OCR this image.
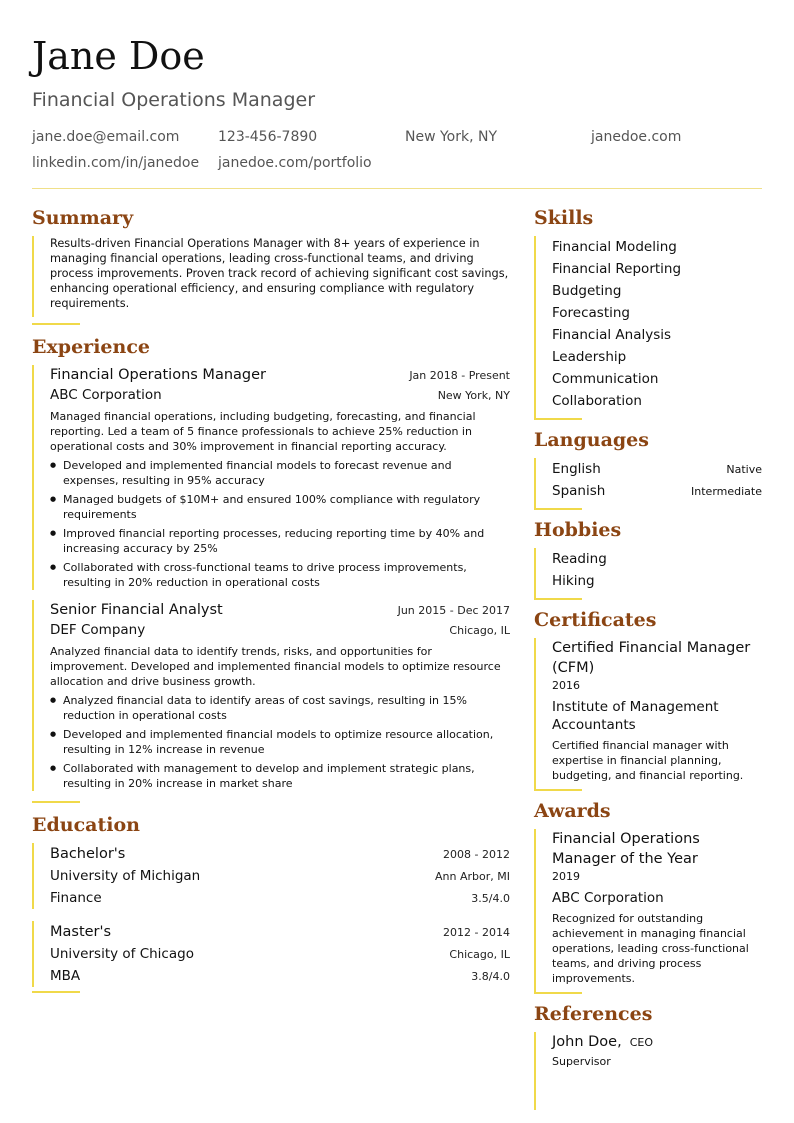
Jane Doe
Financial Operations Manager
jane.doe@email.com	123-456-7890	New York, NY	janedoe.com
linkedin.com/in/janedoe janedoe.com/portfolio
Summary
Results-driven Financial Operations Manager with 8+ years of experience in managing financial operations, leading cross-functional teams, and driving process improvements. Proven track record of achieving significant cost savings, enhancing operational efficiency, and ensuring compliance with regulatory requirements.
Experience
Financial Operations Manager	Jan 2018 - Present
ABC Corporation	New York, NY
Managed financial operations, including budgeting, forecasting, and financial reporting. Led a team of 5 finance professionals to achieve 25% reduction in operational costs and 30% improvement in financial reporting accuracy.
● Developed and implemented financial models to forecast revenue and expenses, resulting in 95% accuracy
● Managed budgets of $10M+ and ensured 100% compliance with regulatory requirements
● Improved financial reporting processes, reducing reporting time by 40% and increasing accuracy by 25%
● Collaborated with cross-functional teams to drive process improvements, resulting in 20% reduction in operational costs
Senior Financial Analyst	Jun 2015 - Dec 2017
DEF Company	Chicago, IL
Analyzed financial data to identify trends, risks, and opportunities for improvement. Developed and implemented financial models to optimize resource allocation and drive business growth.
● Analyzed financial data to identify areas of cost savings, resulting in 15% reduction in operational costs
● Developed and implemented financial models to optimize resource allocation, resulting in 12% increase in revenue
● Collaborated with management to develop and implement strategic plans, resulting in 20% increase in market share
Education
Bachelor's	2008 - 2012
University of Michigan	Ann Arbor, MI
Finance	3.5/4.0
Master's	2012 - 2014
University of Chicago	Chicago, IL
MBA	3.8/4.0
Skills
Financial Modeling
Financial Reporting
Budgeting
Forecasting
Financial Analysis
Leadership
Communication
Collaboration
Languages
English	Native
Spanish	Intermediate
Hobbies
Reading
Hiking
Certificates
Certified Financial Manager (CFM)
2016
Institute of Management Accountants
Certified financial manager with expertise in financial planning, budgeting, and financial reporting.
Awards
Financial Operations Manager of the Year
2019
ABC Corporation
Recognized for outstanding achievement in managing financial operations, leading cross-functional teams, and driving process improvements.
References
John Doe, CEO
Supervisor
